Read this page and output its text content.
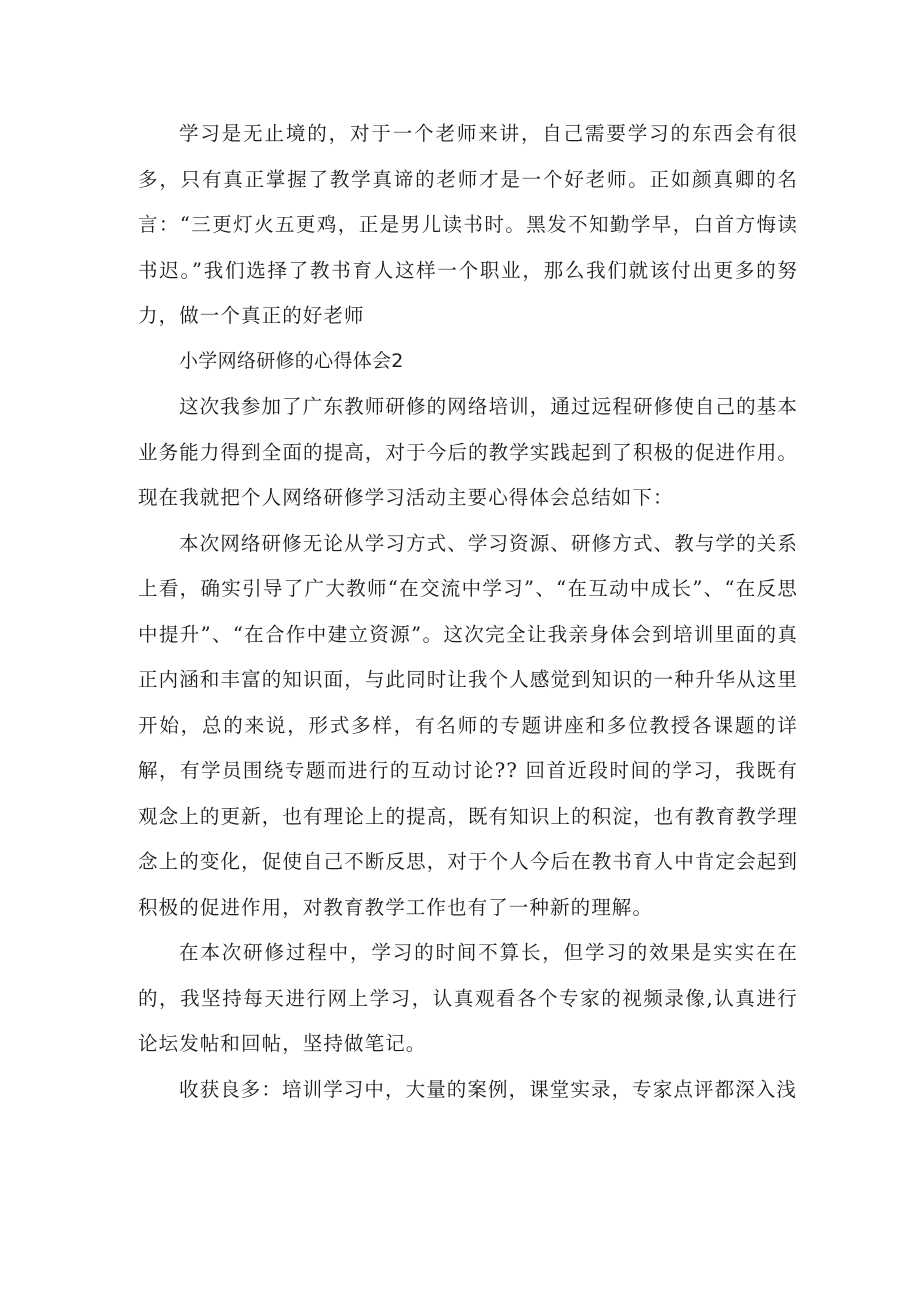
学习是无止境的，对于一个老师来讲，自己需要学习的东西会有很多，只有真正掌握了教学真谛的老师才是一个好老师。正如颜真卿的名言：“三更灯火五更鸡，正是男儿读书时。黑发不知勤学早，白首方悔读书迟。”我们选择了教书育人这样一个职业，那么我们就该付出更多的努力，做一个真正的好老师

小学网络研修的心得体会2

这次我参加了广东教师研修的网络培训，通过远程研修使自己的基本业务能力得到全面的提高，对于今后的教学实践起到了积极的促进作用。现在我就把个人网络研修学习活动主要心得体会总结如下：

本次网络研修无论从学习方式、学习资源、研修方式、教与学的关系上看，确实引导了广大教师“在交流中学习”、“在互动中成长”、“在反思中提升”、“在合作中建立资源”。这次完全让我亲身体会到培训里面的真正内涵和丰富的知识面，与此同时让我个人感觉到知识的一种升华从这里开始，总的来说，形式多样，有名师的专题讲座和多位教授各课题的详解，有学员围绕专题而进行的互动讨论?? 回首近段时间的学习，我既有观念上的更新，也有理论上的提高，既有知识上的积淀，也有教育教学理念上的变化，促使自己不断反思，对于个人今后在教书育人中肯定会起到积极的促进作用，对教育教学工作也有了一种新的理解。

在本次研修过程中，学习的时间不算长，但学习的效果是实实在在的，我坚持每天进行网上学习，认真观看各个专家的视频录像,认真进行论坛发帖和回帖，坚持做笔记。

收获良多：培训学习中，大量的案例，课堂实录，专家点评都深入浅
